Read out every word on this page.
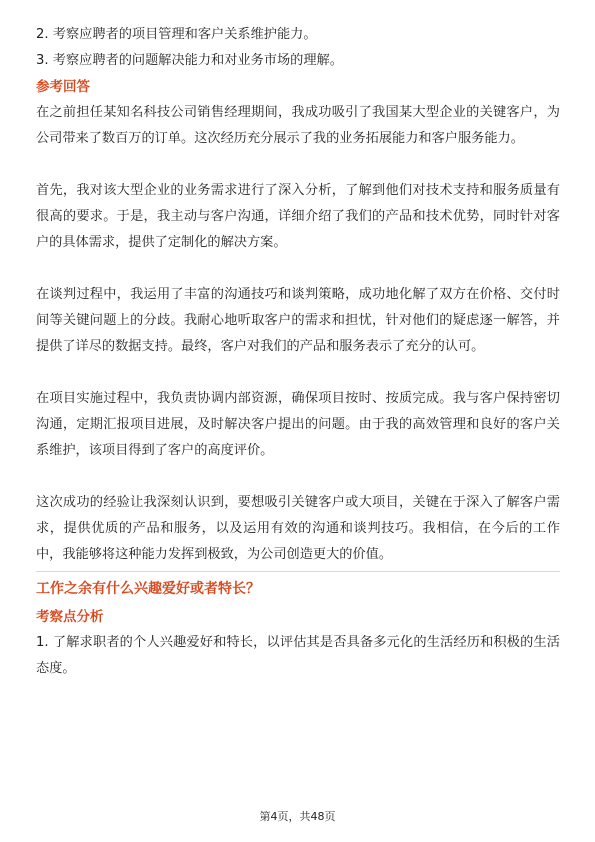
2. 考察应聘者的项目管理和客户关系维护能力。
3. 考察应聘者的问题解决能力和对业务市场的理解。
参考回答

在之前担任某知名科技公司销售经理期间，我成功吸引了我国某大型企业的关键客户，为公司带来了数百万的订单。这次经历充分展示了我的业务拓展能力和客户服务能力。

首先，我对该大型企业的业务需求进行了深入分析，了解到他们对技术支持和服务质量有很高的要求。于是，我主动与客户沟通，详细介绍了我们的产品和技术优势，同时针对客户的具体需求，提供了定制化的解决方案。

在谈判过程中，我运用了丰富的沟通技巧和谈判策略，成功地化解了双方在价格、交付时间等关键问题上的分歧。我耐心地听取客户的需求和担忧，针对他们的疑虑逐一解答，并提供了详尽的数据支持。最终，客户对我们的产品和服务表示了充分的认可。

在项目实施过程中，我负责协调内部资源，确保项目按时、按质完成。我与客户保持密切沟通，定期汇报项目进展，及时解决客户提出的问题。由于我的高效管理和良好的客户关系维护，该项目得到了客户的高度评价。

这次成功的经验让我深刻认识到，要想吸引关键客户或大项目，关键在于深入了解客户需求，提供优质的产品和服务，以及运用有效的沟通和谈判技巧。我相信，在今后的工作中，我能够将这种能力发挥到极致，为公司创造更大的价值。

工作之余有什么兴趣爱好或者特长？
考察点分析

1. 了解求职者的个人兴趣爱好和特长，以评估其是否具备多元化的生活经历和积极的生活态度。

第4页，共48页
